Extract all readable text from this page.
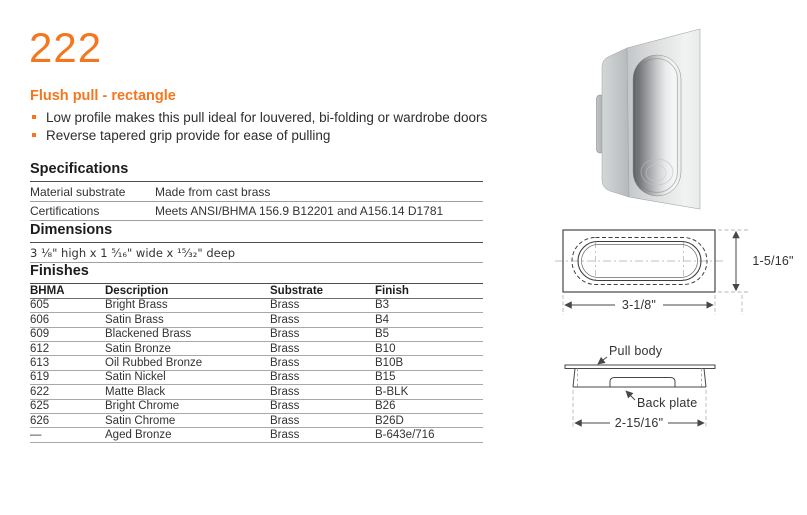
222
Flush pull - rectangle
Low profile makes this pull ideal for louvered, bi-folding or wardrobe doors
Reverse tapered grip provide for ease of pulling
Specifications
Material substrate	Made from cast brass
Certifications	Meets ANSI/BHMA 156.9 B12201 and A156.14 D1781
Dimensions
3 ¹⁄₈" high x 1 ⁵⁄₁₆" wide x ¹⁵⁄₃₂" deep
Finishes
BHMA	Description	Substrate	Finish
605	Bright Brass	Brass	B3
606	Satin Brass	Brass	B4
609	Blackened Brass	Brass	B5
612	Satin Bronze	Brass	B10
613	Oil Rubbed Bronze	Brass	B10B
619	Satin Nickel	Brass	B15
622	Matte Black	Brass	B-BLK
625	Bright Chrome	Brass	B26
626	Satin Chrome	Brass	B26D
—	Aged Bronze	Brass	B-643e/716
1-5/16"
3-1/8"
Pull body
Back plate
2-15/16"
